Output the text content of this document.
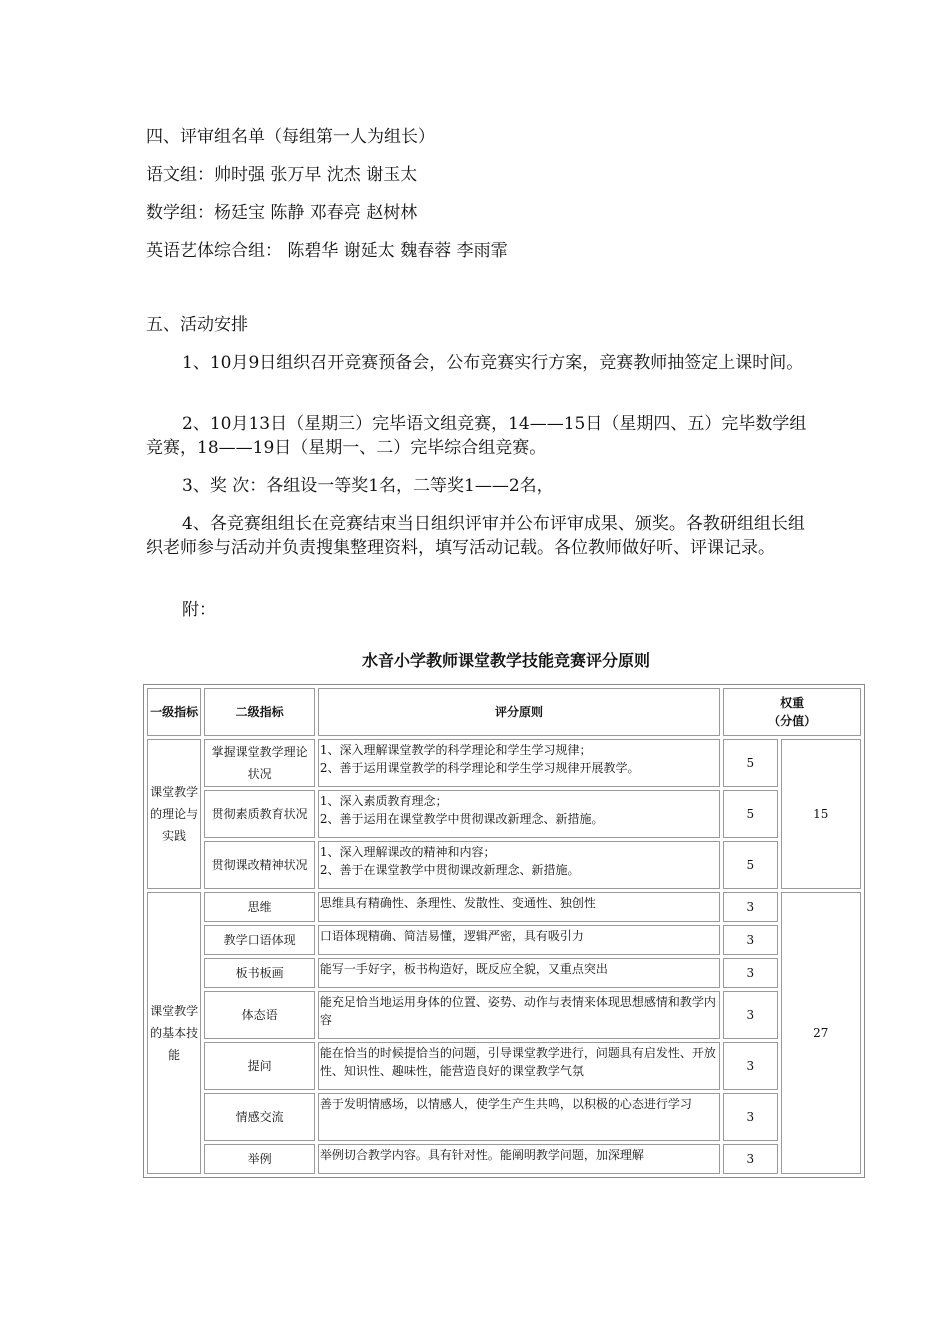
四、评审组名单（每组第一人为组长）
语文组：帅时强 张万早 沈杰 谢玉太
数学组：杨廷宝 陈静 邓春亮 赵树林
英语艺体综合组： 陈碧华 谢延太 魏春蓉 李雨霏
五、活动安排
1、10月9日组织召开竞赛预备会，公布竞赛实行方案，竞赛教师抽签定上课时间。
2、10月13日（星期三）完毕语文组竞赛，14——15日（星期四、五）完毕数学组竞赛，18——19日（星期一、二）完毕综合组竞赛。
3、奖 次：各组设一等奖1名，二等奖1——2名，
4、各竞赛组组长在竞赛结束当日组织评审并公布评审成果、颁奖。各教研组组长组织老师参与活动并负责搜集整理资料，填写活动记载。各位教师做好听、评课记录。
附：
水音小学教师课堂教学技能竞赛评分原则
一级指标	二级指标	评分原则	权重
（分值）	

课堂教学的理论与实践	掌握课堂教学理论状况	1、深入理解课堂教学的科学理论和学生学习规律；
2、善于运用课堂教学的科学理论和学生学习规律开展教学。	5	15
	贯彻素质教育状况	1、深入素质教育理念；
2、善于运用在课堂教学中贯彻课改新理念、新措施。	5	
	贯彻课改精神状况	1、深入理解课改的精神和内容；
2、善于在课堂教学中贯彻课改新理念、新措施。	5	
课堂教学的基本技能	思维	思维具有精确性、条理性、发散性、变通性、独创性	3	27
	教学口语体现	口语体现精确、简洁易懂，逻辑严密，具有吸引力	3	
	板书板画	能写一手好字，板书构造好，既反应全貌，又重点突出	3	
	体态语	能充足恰当地运用身体的位置、姿势、动作与表情来体现思想感情和教学内容	3	
	提问	能在恰当的时候提恰当的问题，引导课堂教学进行，问题具有启发性、开放性、知识性、趣味性，能营造良好的课堂教学气氛	3	
	情感交流	善于发明情感场，以情感人，使学生产生共鸣，以积极的心态进行学习	3	
	举例	举例切合教学内容。具有针对性。能阐明教学问题，加深理解	3	
